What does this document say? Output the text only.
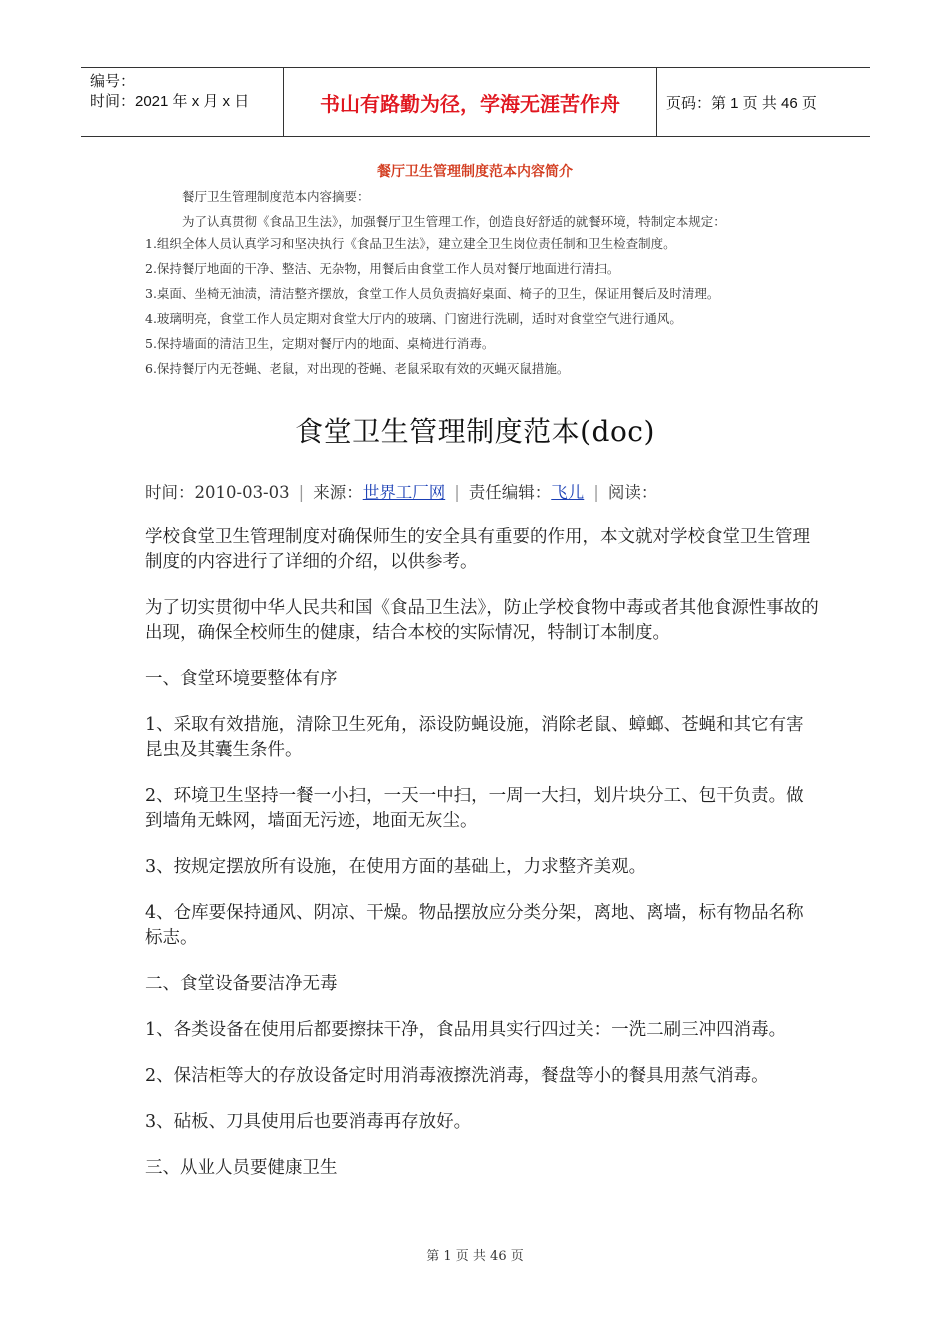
编号：
时间：2021 年 x 月 x 日	书山有路勤为径，学海无涯苦作舟	页码：第 1 页 共 46 页
餐厅卫生管理制度范本内容简介
餐厅卫生管理制度范本内容摘要：
为了认真贯彻《食品卫生法》，加强餐厅卫生管理工作，创造良好舒适的就餐环境，特制定本规定：
1.组织全体人员认真学习和坚决执行《食品卫生法》，建立建全卫生岗位责任制和卫生检查制度。
2.保持餐厅地面的干净、整洁、无杂物，用餐后由食堂工作人员对餐厅地面进行清扫。
3.桌面、坐椅无油渍，清洁整齐摆放，食堂工作人员负责搞好桌面、椅子的卫生，保证用餐后及时清理。
4.玻璃明亮，食堂工作人员定期对食堂大厅内的玻璃、门窗进行洗刷，适时对食堂空气进行通风。
5.保持墙面的清洁卫生，定期对餐厅内的地面、桌椅进行消毒。
6.保持餐厅内无苍蝇、老鼠，对出现的苍蝇、老鼠采取有效的灭蝇灭鼠措施。
食堂卫生管理制度范本(doc)
时间：2010-03-03 | 来源：世界工厂网 | 责任编辑：飞儿 | 阅读：

学校食堂卫生管理制度对确保师生的安全具有重要的作用，本文就对学校食堂卫生管理制度的内容进行了详细的介绍，以供参考。

为了切实贯彻中华人民共和国《食品卫生法》，防止学校食物中毒或者其他食源性事故的出现，确保全校师生的健康，结合本校的实际情况，特制订本制度。

一、食堂环境要整体有序

1、采取有效措施，清除卫生死角，添设防蝇设施，消除老鼠、蟑螂、苍蝇和其它有害昆虫及其囊生条件。

2、环境卫生坚持一餐一小扫，一天一中扫，一周一大扫，划片块分工、包干负责。做到墙角无蛛网，墙面无污迹，地面无灰尘。

3、按规定摆放所有设施，在使用方面的基础上，力求整齐美观。

4、仓库要保持通风、阴凉、干燥。物品摆放应分类分架，离地、离墙，标有物品名称标志。

二、食堂设备要洁净无毒

1、各类设备在使用后都要擦抹干净，食品用具实行四过关：一洗二刷三冲四消毒。

2、保洁柜等大的存放设备定时用消毒液擦洗消毒，餐盘等小的餐具用蒸气消毒。

3、砧板、刀具使用后也要消毒再存放好。

三、从业人员要健康卫生

第 1 页 共 46 页
